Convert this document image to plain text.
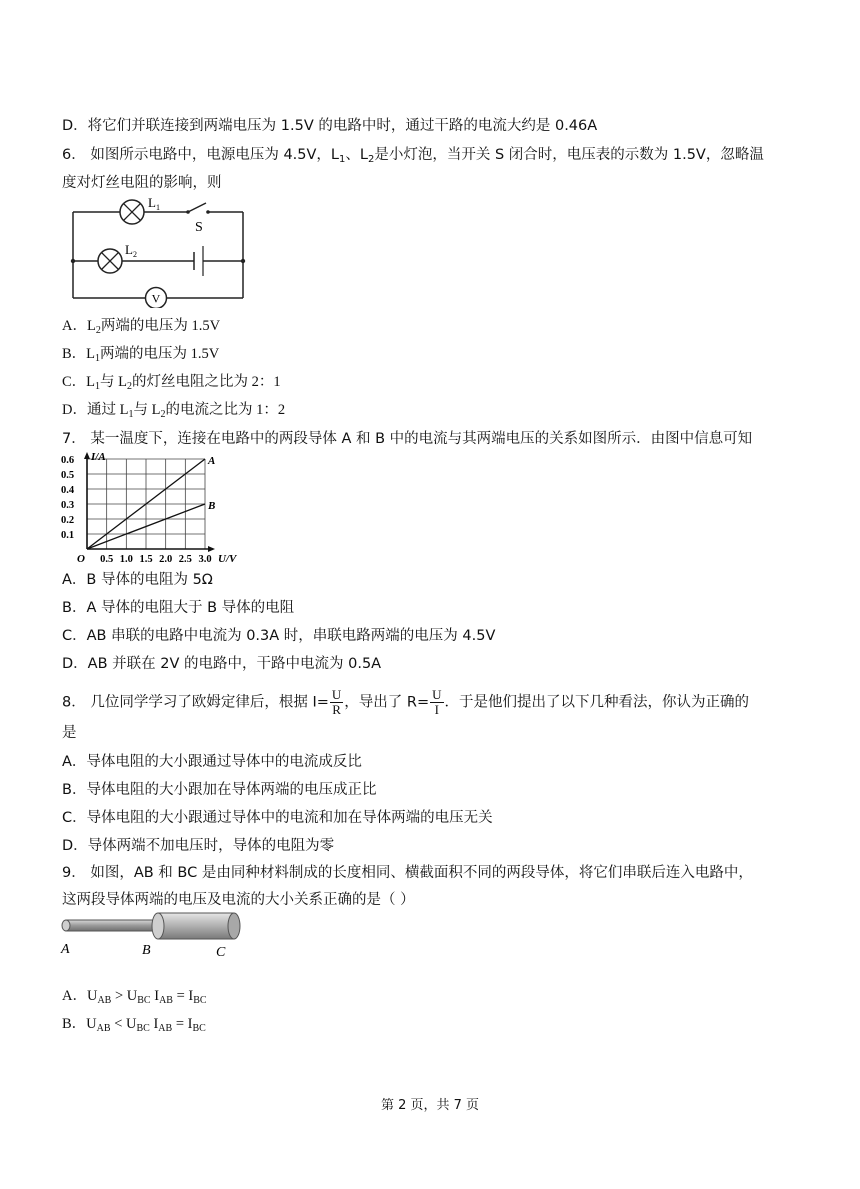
D．将它们并联连接到两端电压为 1.5V 的电路中时，通过干路的电流大约是 0.46A
6． 如图所示电路中，电源电压为 4.5V，$L_1$、$L_2$是小灯泡，当开关 S 闭合时，电压表的示数为 1.5V，忽略温
度对灯丝电阻的影响，则
$L_1$
S
$L_2$
V
A．$L_2$两端的电压为 1.5V
B．$L_1$两端的电压为 1.5V
C．$L_1$与 $L_2$的灯丝电阻之比为 2：1
D．通过 $L_1$与 $L_2$的电流之比为 1：2
7． 某一温度下，连接在电路中的两段导体 A 和 B 中的电流与其两端电压的关系如图所示．由图中信息可知
0.1
0.2
0.3
0.4
0.5
0.6
0.5 1.0 1.5 2.0 2.5 3.0
A
B
I/A
U/V
O
A．B 导体的电阻为 5Ω
B．A 导体的电阻大于 B 导体的电阻
C．AB 串联的电路中电流为 0.3A 时，串联电路两端的电压为 4.5V
D．AB 并联在 2V 的电路中，干路中电流为 0.5A
8． 几位同学学习了欧姆定律后，根据 $I= \frac{U}{R}$ ，导出了 $R= \frac{U}{I}$ ．于是他们提出了以下几种看法，你认为正确的
是
A．导体电阻的大小跟通过导体中的电流成反比
B．导体电阻的大小跟加在导体两端的电压成正比
C．导体电阻的大小跟通过导体中的电流和加在导体两端的电压无关
D．导体两端不加电压时，导体的电阻为零
9． 如图，AB 和 BC 是由同种材料制成的长度相同、横截面积不同的两段导体，将它们串联后连入电路中，
这两段导体两端的电压及电流的大小关系正确的是（ ）
A	B	C
A．$U_{AB} > U_{BC}$ $I_{AB} = I_{BC}$
B．$U_{AB} < U_{BC}$ $I_{AB} = I_{BC}$
第 2 页，共 7 页
